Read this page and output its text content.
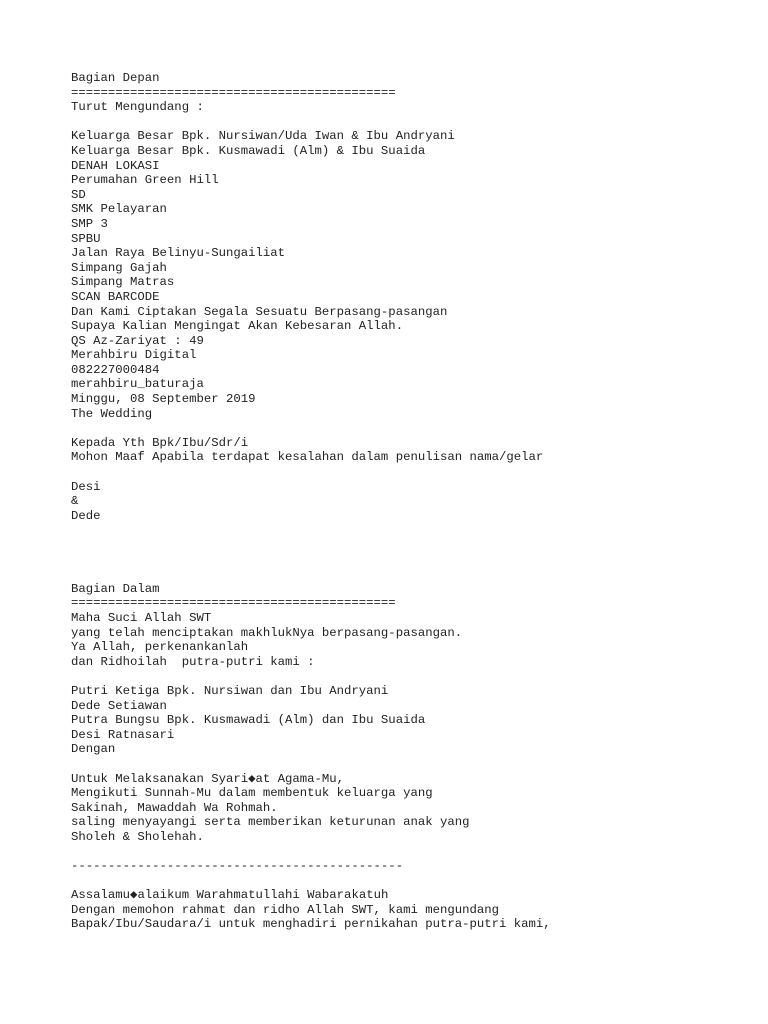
Bagian Depan
============================================
Turut Mengundang :
Keluarga Besar Bpk. Nursiwan/Uda Iwan & Ibu Andryani
Keluarga Besar Bpk. Kusmawadi (Alm) & Ibu Suaida
DENAH LOKASI
Perumahan Green Hill
SD
SMK Pelayaran
SMP 3
SPBU
Jalan Raya Belinyu-Sungailiat
Simpang Gajah
Simpang Matras
SCAN BARCODE
Dan Kami Ciptakan Segala Sesuatu Berpasang-pasangan
Supaya Kalian Mengingat Akan Kebesaran Allah.
QS Az-Zariyat : 49
Merahbiru Digital
082227000484
merahbiru_baturaja
Minggu, 08 September 2019
The Wedding
Kepada Yth Bpk/Ibu/Sdr/i
Mohon Maaf Apabila terdapat kesalahan dalam penulisan nama/gelar
Desi
&
Dede
Bagian Dalam
============================================
Maha Suci Allah SWT
yang telah menciptakan makhlukNya berpasang-pasangan.
Ya Allah, perkenankanlah
dan Ridhoilah  putra-putri kami :
Putri Ketiga Bpk. Nursiwan dan Ibu Andryani
Dede Setiawan
Putra Bungsu Bpk. Kusmawadi (Alm) dan Ibu Suaida
Desi Ratnasari
Dengan
Untuk Melaksanakan Syari◆at Agama-Mu,
Mengikuti Sunnah-Mu dalam membentuk keluarga yang
Sakinah, Mawaddah Wa Rohmah.
saling menyayangi serta memberikan keturunan anak yang
Sholeh & Sholehah.
---------------------------------------------
Assalamu◆alaikum Warahmatullahi Wabarakatuh
Dengan memohon rahmat dan ridho Allah SWT, kami mengundang
Bapak/Ibu/Saudara/i untuk menghadiri pernikahan putra-putri kami,
